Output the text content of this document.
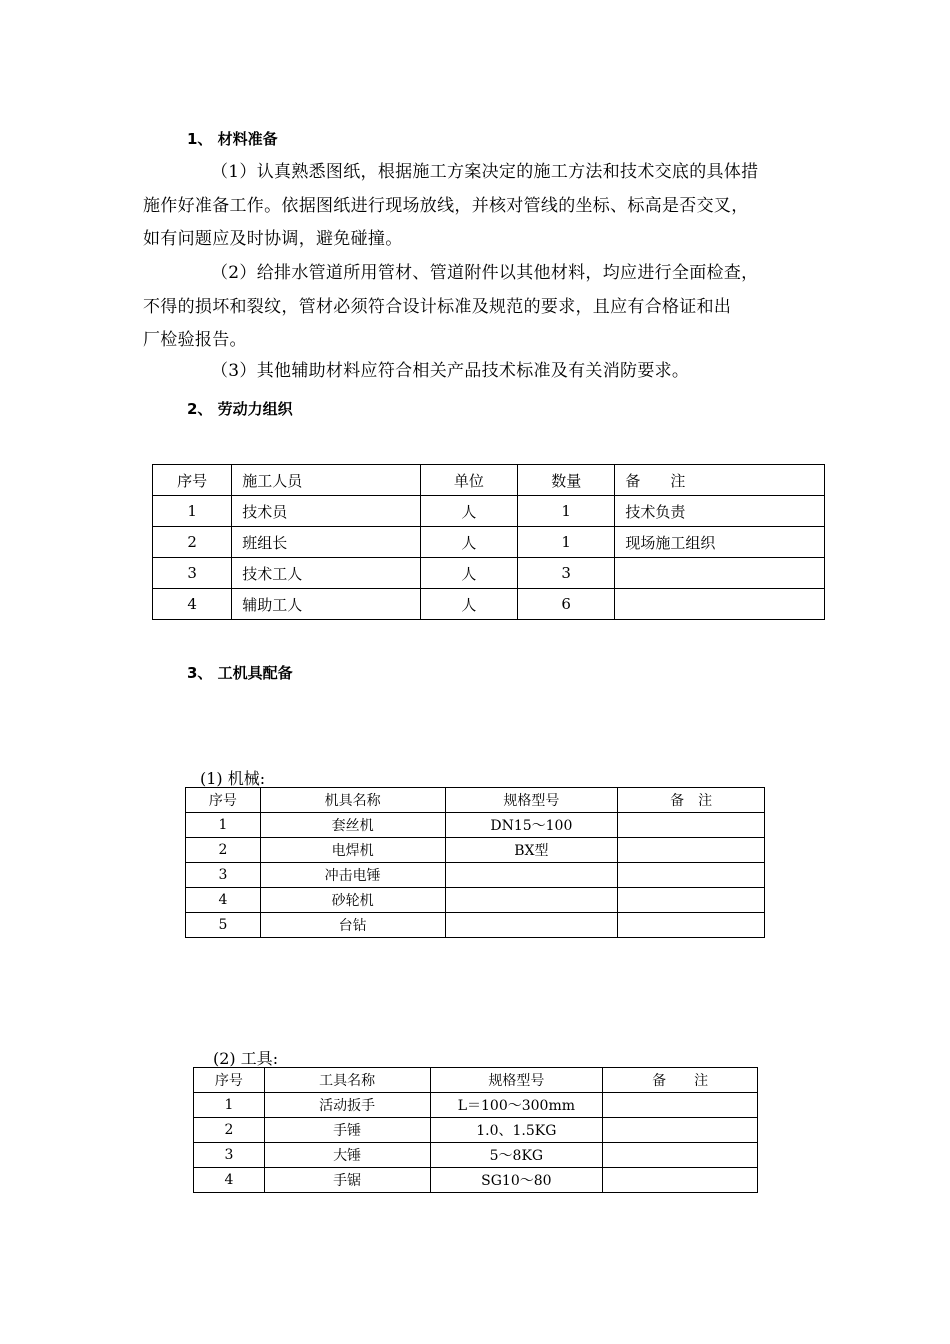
1、 材料准备
（1）认真熟悉图纸，根据施工方案决定的施工方法和技术交底的具体措
施作好准备工作。依据图纸进行现场放线，并核对管线的坐标、标高是否交叉，
如有问题应及时协调，避免碰撞。
（2）给排水管道所用管材、管道附件以其他材料，均应进行全面检查，
不得的损坏和裂纹，管材必须符合设计标准及规范的要求，且应有合格证和出
厂检验报告。
（3）其他辅助材料应符合相关产品技术标准及有关消防要求。
2、 劳动力组织
序号	施工人员	单位	数量	备　　注
1	技术员	人	1	技术负责
2	班组长	人	1	现场施工组织
3	技术工人	人	3	
4	辅助工人	人	6	
3、 工机具配备
(1) 机械:
序号	机具名称	规格型号	备　注
1	套丝机	DN15～100	
2	电焊机	BX型	
3	冲击电锤		
4	砂轮机		
5	台钻		
(2) 工具:
序号	工具名称	规格型号	备　　注
1	活动扳手	L＝100～300mm	
2	手锤	1.0、1.5KG	
3	大锤	5～8KG	
4	手锯	SG10～80	
